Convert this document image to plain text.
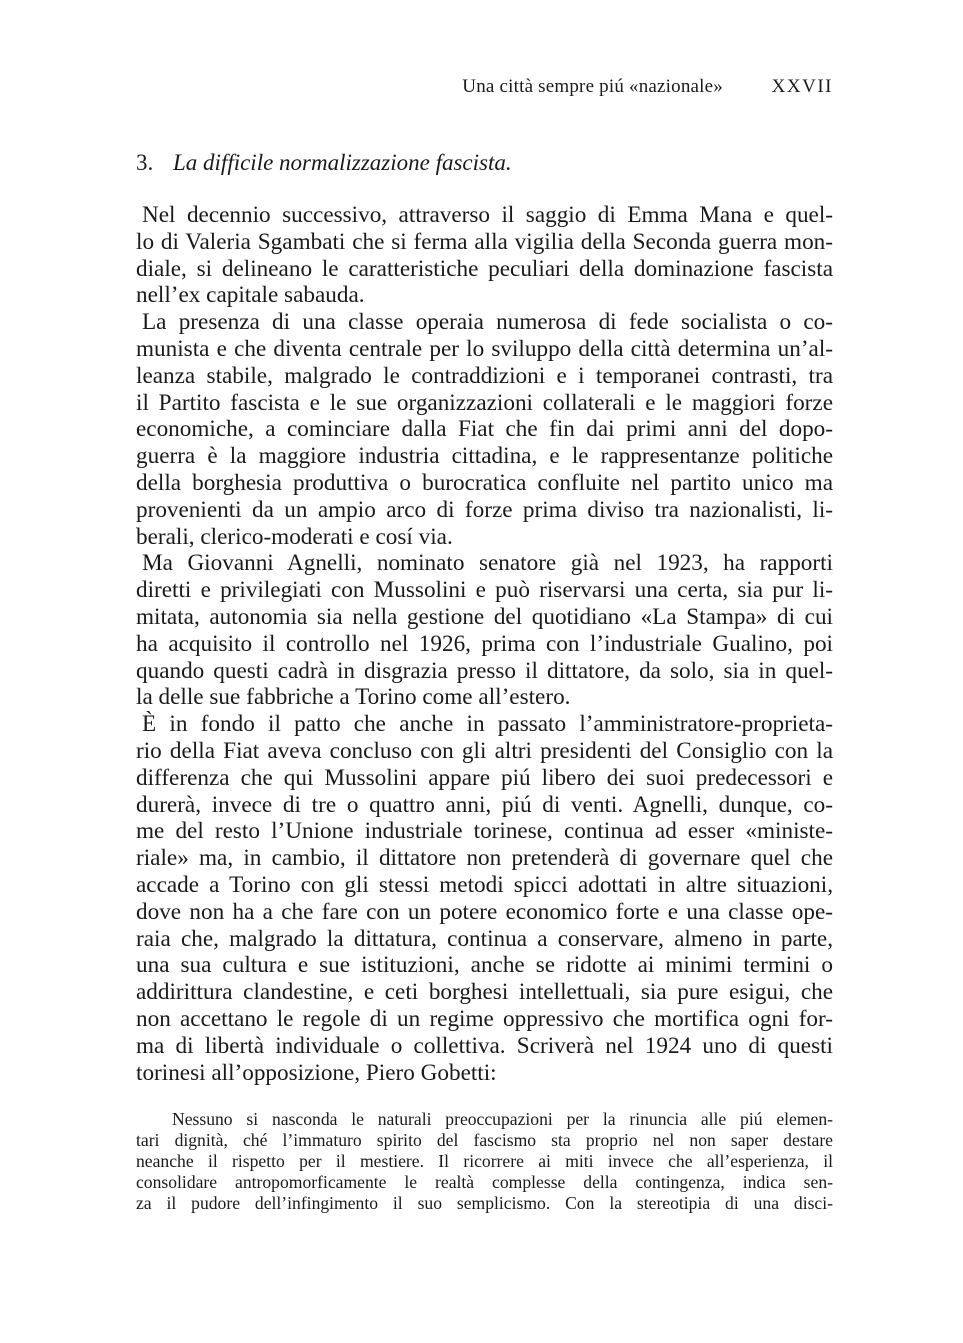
Una città sempre piú «nazionale»	XXVII
3. La difficile normalizzazione fascista.

Nel decennio successivo, attraverso il saggio di Emma Mana e quel-
lo di Valeria Sgambati che si ferma alla vigilia della Seconda guerra mon-
diale, si delineano le caratteristiche peculiari della dominazione fascista
nell’ex capitale sabauda.

La presenza di una classe operaia numerosa di fede socialista o co-
munista e che diventa centrale per lo sviluppo della città determina un’al-
leanza stabile, malgrado le contraddizioni e i temporanei contrasti, tra
il Partito fascista e le sue organizzazioni collaterali e le maggiori forze
economiche, a cominciare dalla Fiat che fin dai primi anni del dopo-
guerra è la maggiore industria cittadina, e le rappresentanze politiche
della borghesia produttiva o burocratica confluite nel partito unico ma
provenienti da un ampio arco di forze prima diviso tra nazionalisti, li-
berali, clerico-moderati e cosí via.

Ma Giovanni Agnelli, nominato senatore già nel 1923, ha rapporti
diretti e privilegiati con Mussolini e può riservarsi una certa, sia pur li-
mitata, autonomia sia nella gestione del quotidiano «La Stampa» di cui
ha acquisito il controllo nel 1926, prima con l’industriale Gualino, poi
quando questi cadrà in disgrazia presso il dittatore, da solo, sia in quel-
la delle sue fabbriche a Torino come all’estero.

È in fondo il patto che anche in passato l’amministratore-proprieta-
rio della Fiat aveva concluso con gli altri presidenti del Consiglio con la
differenza che qui Mussolini appare piú libero dei suoi predecessori e
durerà, invece di tre o quattro anni, piú di venti. Agnelli, dunque, co-
me del resto l’Unione industriale torinese, continua ad esser «ministe-
riale» ma, in cambio, il dittatore non pretenderà di governare quel che
accade a Torino con gli stessi metodi spicci adottati in altre situazioni,
dove non ha a che fare con un potere economico forte e una classe ope-
raia che, malgrado la dittatura, continua a conservare, almeno in parte,
una sua cultura e sue istituzioni, anche se ridotte ai minimi termini o
addirittura clandestine, e ceti borghesi intellettuali, sia pure esigui, che
non accettano le regole di un regime oppressivo che mortifica ogni for-
ma di libertà individuale o collettiva. Scriverà nel 1924 uno di questi
torinesi all’opposizione, Piero Gobetti:

Nessuno si nasconda le naturali preoccupazioni per la rinuncia alle piú elemen-
tari dignità, ché l’immaturo spirito del fascismo sta proprio nel non saper destare
neanche il rispetto per il mestiere. Il ricorrere ai miti invece che all’esperienza, il
consolidare antropomorficamente le realtà complesse della contingenza, indica sen-
za il pudore dell’infingimento il suo semplicismo. Con la stereotipia di una disci-
